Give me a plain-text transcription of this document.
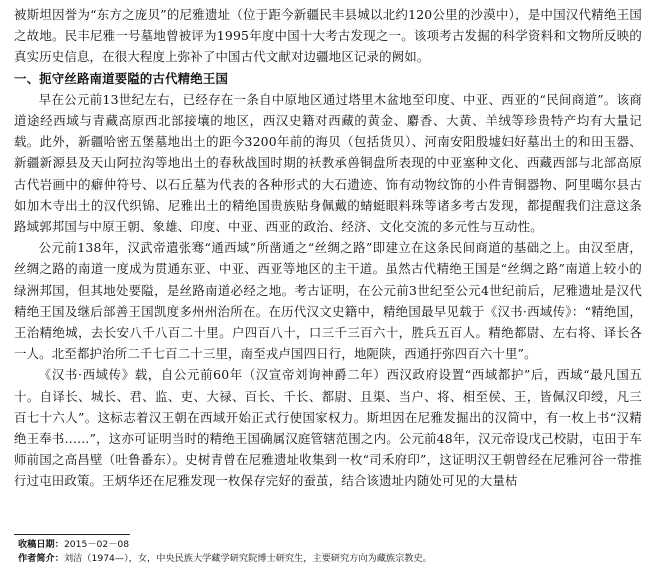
被斯坦因誉为“东方之庞贝”的尼雅遗址（位于距今新疆民丰县城以北约120公里的沙漠中），是中国汉代精绝王国之故地。民丰尼雅一号墓地曾被评为1995年度中国十大考古发现之一。该项考古发掘的科学资料和文物所反映的真实历史信息，在很大程度上弥补了中国古代文献对边疆地区记录的阙如。

一、扼守丝路南道要隘的古代精绝王国

早在公元前13世纪左右，已经存在一条自中原地区通过塔里木盆地至印度、中亚、西亚的“民间商道”。该商道途经西域与青藏高原西北部接壤的地区，西汉史籍对西藏的黄金、麝香、大黄、羊绒等珍贵特产均有大量记载。此外，新疆哈密五堡墓地出土的距今3200年前的海贝（包括货贝）、河南安阳殷墟妇好墓出土的和田玉器、新疆新源县及天山阿拉沟等地出土的春秋战国时期的袄教承兽铜盘所表现的中亚塞种文化、西藏西部与北部高原古代岩画中的癖仲符号、以石丘墓为代表的各种形式的大石遗迹、饰有动物纹饰的小件青铜器物、阿里噶尔县古如加木寺出土的汉代织锦、尼雅出土的精绝国贵族贴身佩戴的蜻蜓眼料珠等诸多考古发现，都提醒我们注意这条路域郭邦国与中原王朝、象雄、印度、中亚、西亚的政治、经济、文化交流的多元性与互动性。

公元前138年，汉武帝遣张骞“通西域”所凿通之“丝绸之路”即建立在这条民间商道的基础之上。由汉至唐，丝绸之路的南道一度成为贯通东亚、中亚、西亚等地区的主干道。虽然古代精绝王国是“丝绸之路”南道上较小的绿洲邦国，但其地处要隘，是丝路南道必经之地。考古证明，在公元前3世纪至公元4世纪前后，尼雅遗址是汉代精绝王国及继后部善王国凯度多州州治所在。在历代汉文史籍中，精绝国最早见载于《汉书·西域传》：“精绝国，王治精绝城，去长安八千八百二十里。户四百八十，口三千三百六十，胜兵五百人。精绝都尉、左右将、译长各一人。北至都护治所二千七百二十三里，南至戎卢国四日行，地阨陕，西通扜弥四百六十里”。

《汉书·西域传》载，自公元前60年（汉宣帝刘询神爵二年）西汉政府设置“西域都护”后，西域“最凡国五十。自译长、城长、君、监、吏、大禄、百长、千长、都尉、且渠、当户、将、相至侯、王，皆佩汉印绶，凡三百七十六人”。这标志着汉王朝在西域开始正式行使国家权力。斯坦因在尼雅发掘出的汉简中，有一枚上书“汉精绝王奉书……”，这亦可证明当时的精绝王国确属汉庭管辖范围之内。公元前48年，汉元帝设戊己校尉，屯田于车师前国之高昌壁（吐鲁番东）。史树青曾在尼雅遗址收集到一枚“司禾府印”，这证明汉王朝曾经在尼雅河谷一带推行过屯田政策。王炳华还在尼雅发现一枚保存完好的蚕茧，结合该遗址内随处可见的大量枯

收稿日期：2015－02－08
作者简介：刘洁（1974—），女，中央民族大学藏学研究院博士研究生，主要研究方向为藏族宗教史。
